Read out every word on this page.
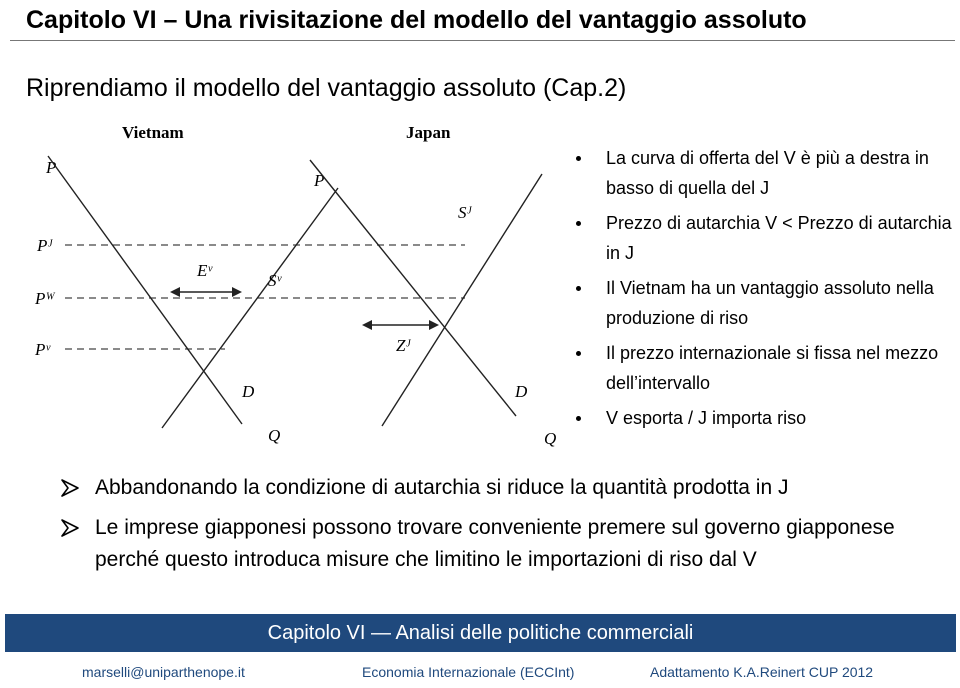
Capitolo VI – Una rivisitazione del modello del vantaggio assoluto
Riprendiamo il modello del vantaggio assoluto (Cap.2)
Vietnam
P
Pᴶ
Pᵂ
Pᵛ
Sᵛ
D
Eᵛ
Q
Japan
P
Sᴶ
D
Zᴶ
Q
La curva di offerta del V è più a destra in basso di quella del J
Prezzo di autarchia V < Prezzo di autarchia in J
Il Vietnam ha un vantaggio assoluto nella produzione di riso
Il prezzo internazionale si fissa nel mezzo dell’intervallo
V esporta / J importa riso
Abbandonando la condizione di autarchia si riduce la quantità prodotta in J
Le imprese giapponesi possono trovare conveniente premere sul governo giapponese perché questo introduca misure che limitino le importazioni di riso dal V
Capitolo VI — Analisi delle politiche commerciali
marselli@uniparthenope.it	Economia Internazionale (ECCInt)	Adattamento K.A.Reinert CUP 2012
